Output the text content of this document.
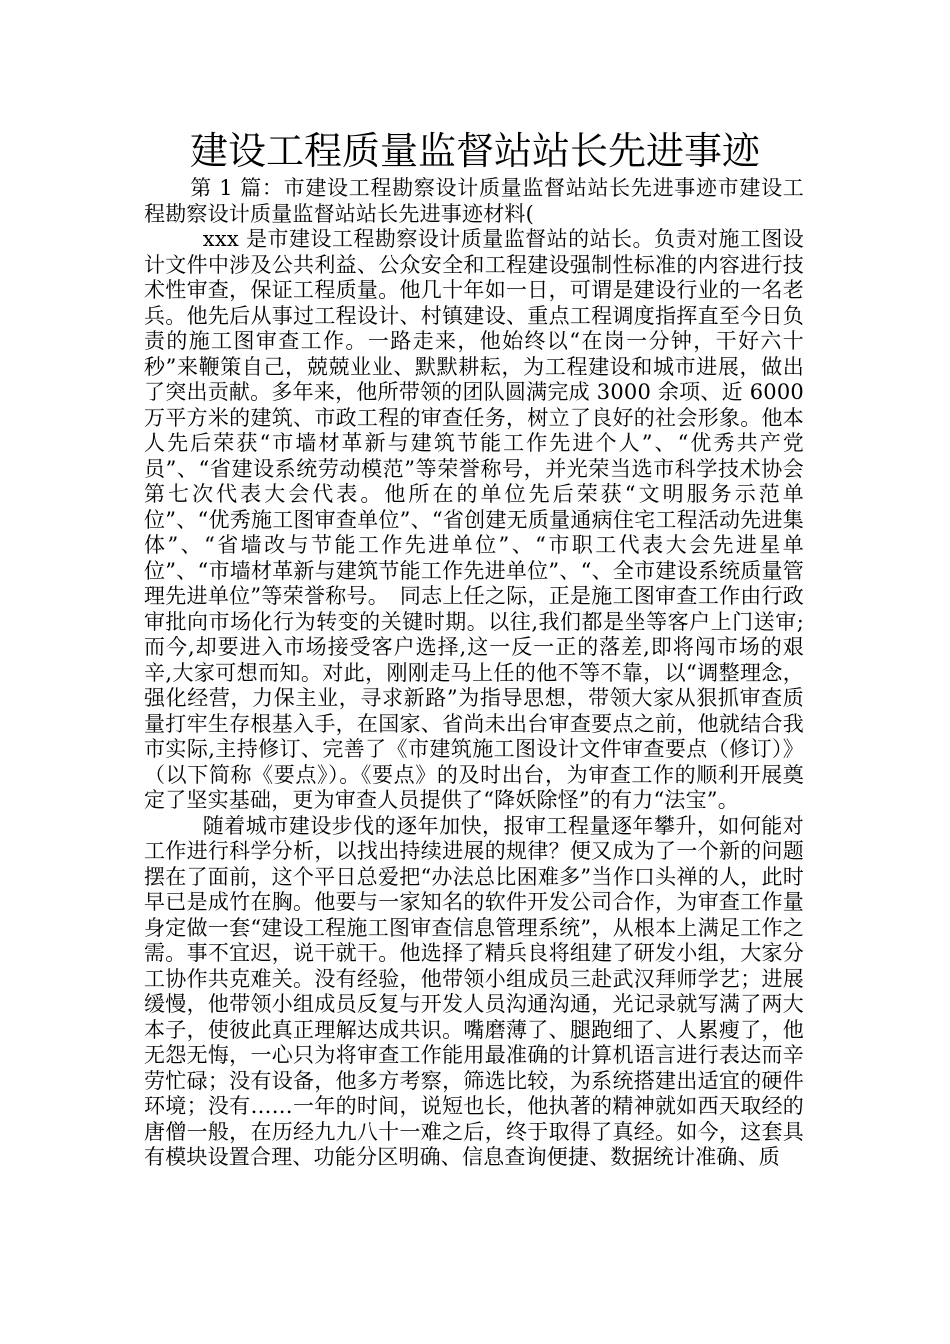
建设工程质量监督站站长先进事迹

第 1 篇：市建设工程勘察设计质量监督站站长先进事迹市建设工程勘察设计质量监督站站长先进事迹材料(

xxx 是市建设工程勘察设计质量监督站的站长。负责对施工图设计文件中涉及公共利益、公众安全和工程建设强制性标准的内容进行技术性审查，保证工程质量。他几十年如一日，可谓是建设行业的一名老兵。他先后从事过工程设计、村镇建设、重点工程调度指挥直至今日负责的施工图审查工作。一路走来，他始终以“在岗一分钟，干好六十秒”来鞭策自己，兢兢业业、默默耕耘，为工程建设和城市进展，做出了突出贡献。多年来，他所带领的团队圆满完成 3000 余项、近 6000 万平方米的建筑、市政工程的审查任务，树立了良好的社会形象。他本人先后荣获“市墙材革新与建筑节能工作先进个人”、“优秀共产党员”、“省建设系统劳动模范”等荣誉称号，并光荣当选市科学技术协会第七次代表大会代表。他所在的单位先后荣获“文明服务示范单位”、“优秀施工图审查单位”、“省创建无质量通病住宅工程活动先进集体”、“省墙改与节能工作先进单位”、“市职工代表大会先进星单位”、“市墙材革新与建筑节能工作先进单位”、“、全市建设系统质量管理先进单位”等荣誉称号。　同志上任之际，正是施工图审查工作由行政审批向市场化行为转变的关键时期。以往,我们都是坐等客户上门送审;而今,却要进入市场接受客户选择,这一反一正的落差,即将闯市场的艰辛,大家可想而知。对此，刚刚走马上任的他不等不靠，以“调整理念，强化经营，力保主业，寻求新路”为指导思想，带领大家从狠抓审查质量打牢生存根基入手，在国家、省尚未出台审查要点之前，他就结合我市实际,主持修订、完善了《市建筑施工图设计文件审查要点（修订）》（以下简称《要点》）。《要点》的及时出台，为审查工作的顺利开展奠定了坚实基础，更为审查人员提供了“降妖除怪”的有力“法宝”。

随着城市建设步伐的逐年加快，报审工程量逐年攀升，如何能对工作进行科学分析，以找出持续进展的规律？便又成为了一个新的问题摆在了面前，这个平日总爱把“办法总比困难多”当作口头禅的人，此时早已是成竹在胸。他要与一家知名的软件开发公司合作，为审查工作量身定做一套“建设工程施工图审查信息管理系统”，从根本上满足工作之需。事不宜迟，说干就干。他选择了精兵良将组建了研发小组，大家分工协作共克难关。没有经验，他带领小组成员三赴武汉拜师学艺；进展缓慢，他带领小组成员反复与开发人员沟通沟通，光记录就写满了两大本子，使彼此真正理解达成共识。嘴磨薄了、腿跑细了、人累瘦了，他无怨无悔，一心只为将审查工作能用最准确的计算机语言进行表达而辛劳忙碌；没有设备，他多方考察，筛选比较，为系统搭建出适宜的硬件环境；没有……一年的时间，说短也长，他执著的精神就如西天取经的唐僧一般，在历经九九八十一难之后，终于取得了真经。如今，这套具有模块设置合理、功能分区明确、信息查询便捷、数据统计准确、质
